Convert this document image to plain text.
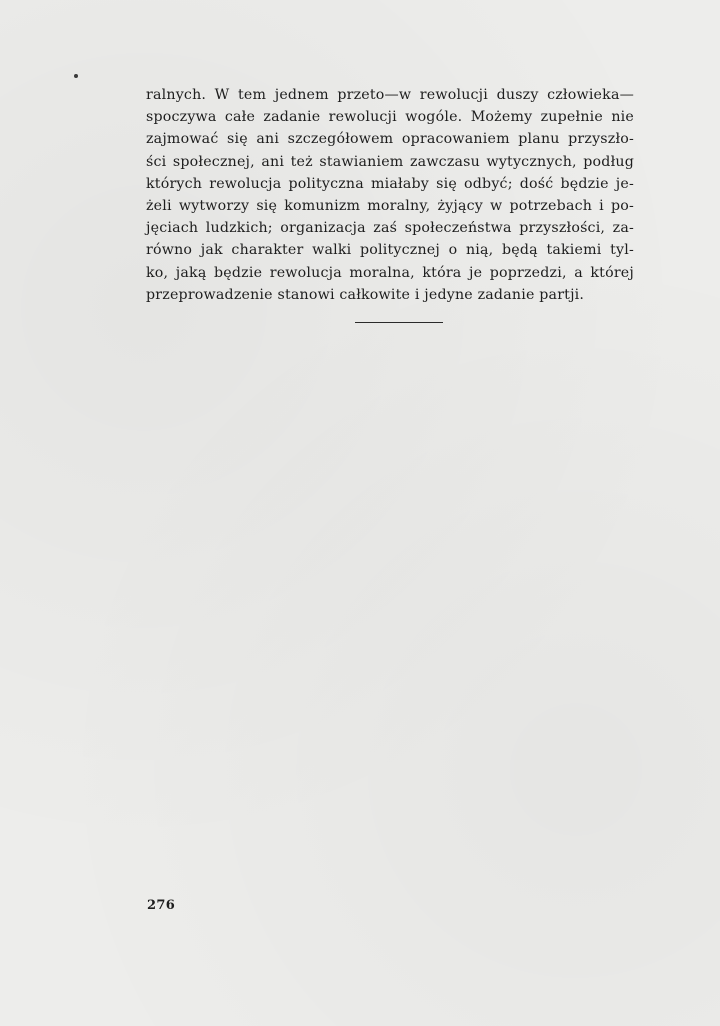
ralnych. W tem jednem przeto—w rewolucji duszy człowieka—
spoczywa całe zadanie rewolucji wogóle. Możemy zupełnie nie
zajmować się ani szczegółowem opracowaniem planu przyszło-
ści społecznej, ani też stawianiem zawczasu wytycznych, podług
których rewolucja polityczna miałaby się odbyć; dość będzie je-
żeli wytworzy się komunizm moralny, żyjący w potrzebach i po-
jęciach ludzkich; organizacja zaś społeczeństwa przyszłości, za-
równo jak charakter walki politycznej o nią, będą takiemi tyl-
ko, jaką będzie rewolucja moralna, która je poprzedzi, a której
przeprowadzenie stanowi całkowite i jedyne zadanie partji.

276
